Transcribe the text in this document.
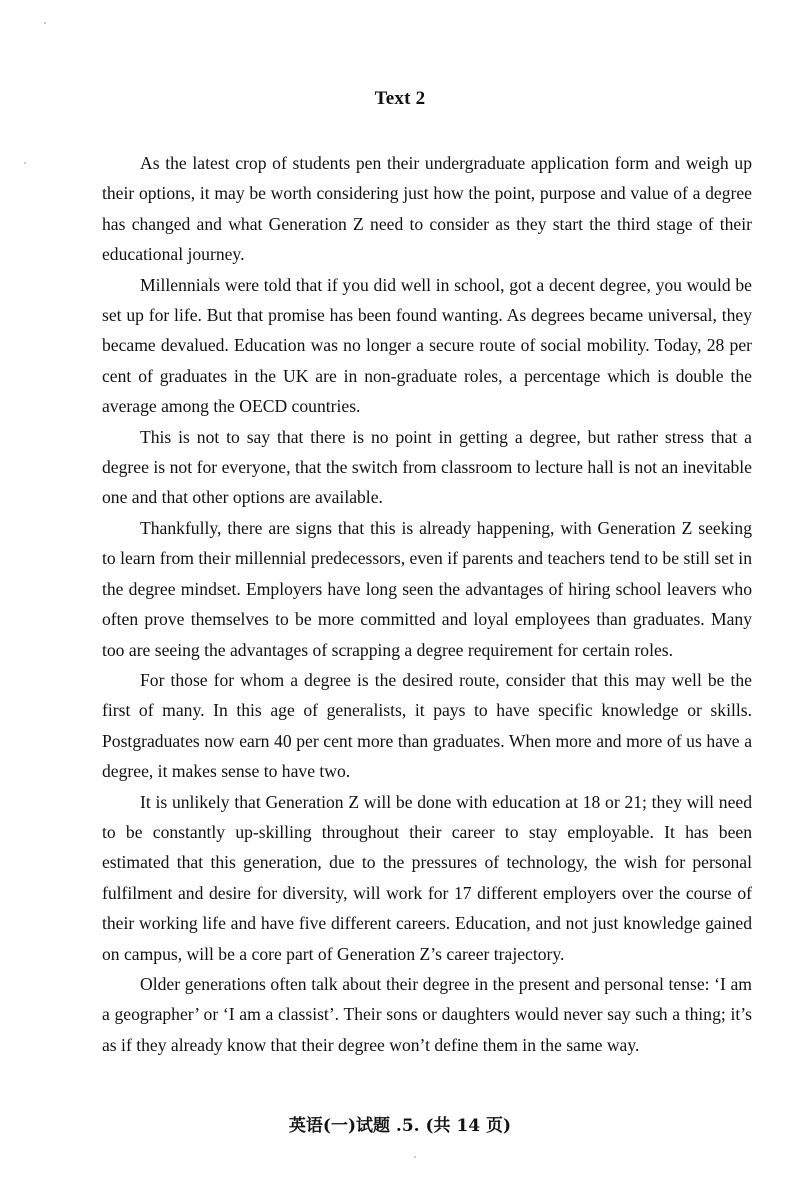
Text 2

As the latest crop of students pen their undergraduate application form and weigh up their options, it may be worth considering just how the point, purpose and value of a degree has changed and what Generation Z need to consider as they start the third stage of their educational journey.

Millennials were told that if you did well in school, got a decent degree, you would be set up for life. But that promise has been found wanting. As degrees became universal, they became devalued. Education was no longer a secure route of social mobility. Today, 28 per cent of graduates in the UK are in non-graduate roles, a percentage which is double the average among the OECD countries.

This is not to say that there is no point in getting a degree, but rather stress that a degree is not for everyone, that the switch from classroom to lecture hall is not an inevitable one and that other options are available.

Thankfully, there are signs that this is already happening, with Generation Z seeking to learn from their millennial predecessors, even if parents and teachers tend to be still set in the degree mindset. Employers have long seen the advantages of hiring school leavers who often prove themselves to be more committed and loyal employees than graduates. Many too are seeing the advantages of scrapping a degree requirement for certain roles.

For those for whom a degree is the desired route, consider that this may well be the first of many. In this age of generalists, it pays to have specific knowledge or skills. Postgraduates now earn 40 per cent more than graduates. When more and more of us have a degree, it makes sense to have two.

It is unlikely that Generation Z will be done with education at 18 or 21; they will need to be constantly up-skilling throughout their career to stay employable. It has been estimated that this generation, due to the pressures of technology, the wish for personal fulfilment and desire for diversity, will work for 17 different employers over the course of their working life and have five different careers. Education, and not just knowledge gained on campus, will be a core part of Generation Z’s career trajectory.

Older generations often talk about their degree in the present and personal tense: ‘I am a geographer’ or ‘I am a classist’. Their sons or daughters would never say such a thing; it’s as if they already know that their degree won’t define them in the same way.

英语(一)试题 .5. (共 14 页)
